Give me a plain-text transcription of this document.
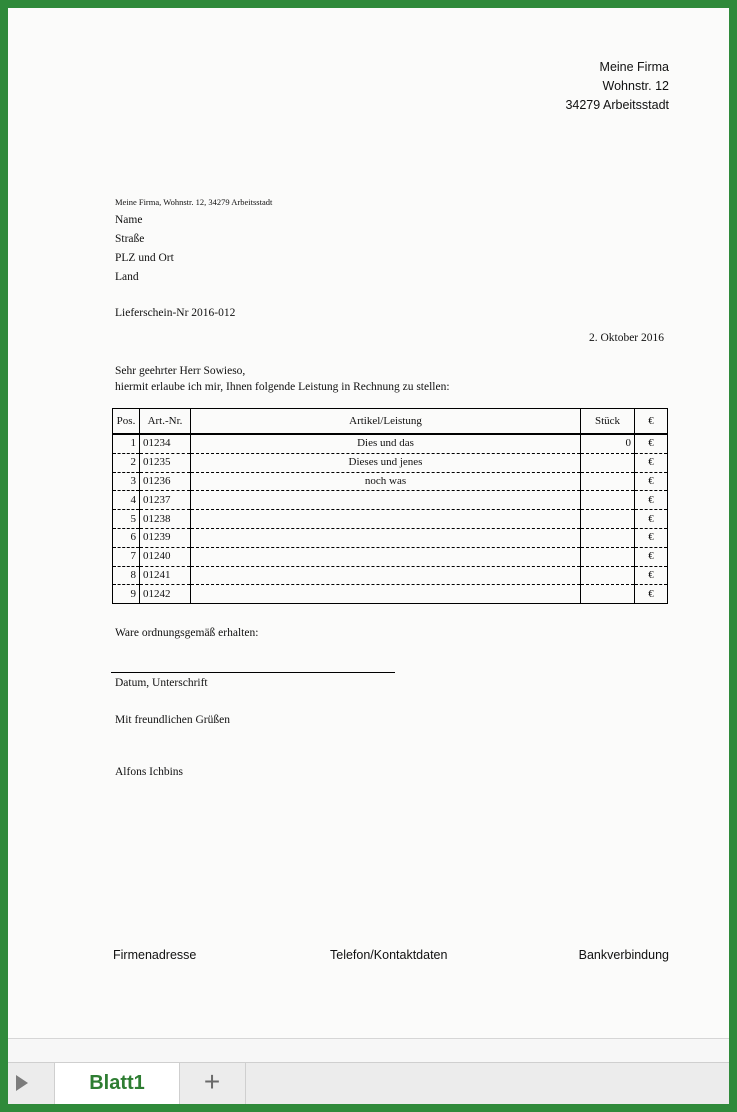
Meine Firma
Wohnstr. 12
34279 Arbeitsstadt
Meine Firma, Wohnstr. 12, 34279 Arbeitsstadt
Name
Straße
PLZ und Ort
Land
Lieferschein-Nr 2016-012
2. Oktober 2016
Sehr geehrter Herr Sowieso,
hiermit erlaube ich mir, Ihnen folgende Leistung in Rechnung zu stellen:
Pos.	Art.-Nr.	Artikel/Leistung	Stück	€
1	01234	Dies und das	0	€
2	01235	Dieses und jenes		€
3	01236	noch was		€
4	01237			€
5	01238			€
6	01239			€
7	01240			€
8	01241			€
9	01242			€
Ware ordnungsgemäß erhalten:
Datum, Unterschrift
Mit freundlichen Grüßen
Alfons Ichbins
Firmenadresse	Telefon/Kontaktdaten	Bankverbindung
Blatt1	+
